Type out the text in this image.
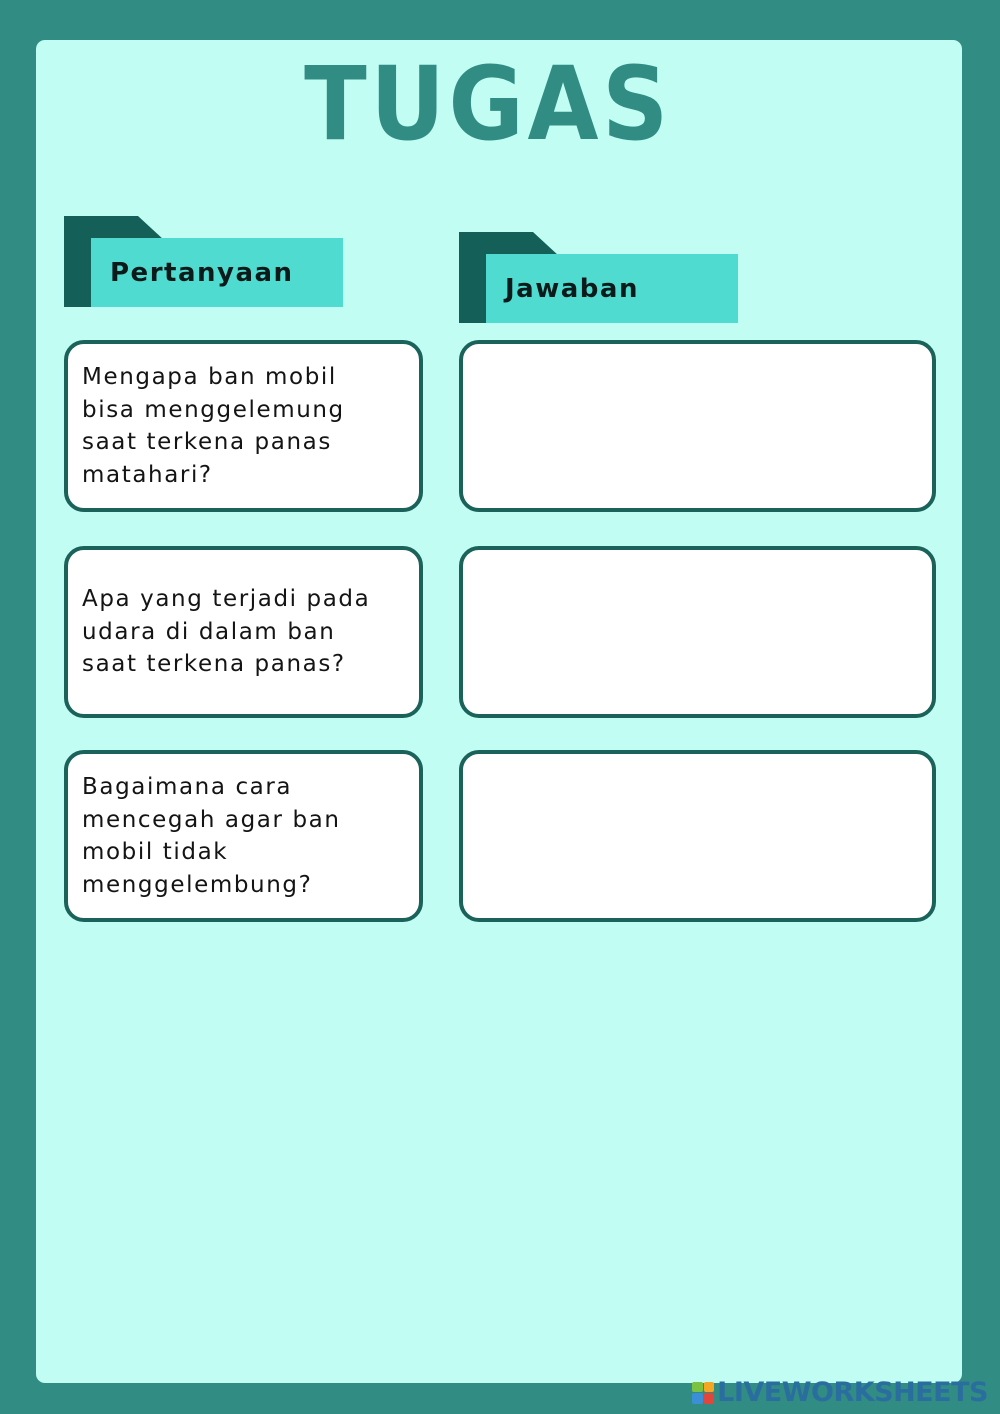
TUGAS
Pertanyaan
Jawaban
Mengapa ban mobil
bisa menggelemung
saat terkena panas
matahari?
Apa yang terjadi pada
udara di dalam ban
saat terkena panas?
Bagaimana cara
mencegah agar ban
mobil tidak
menggelembung?
LIVEWORKSHEETS
